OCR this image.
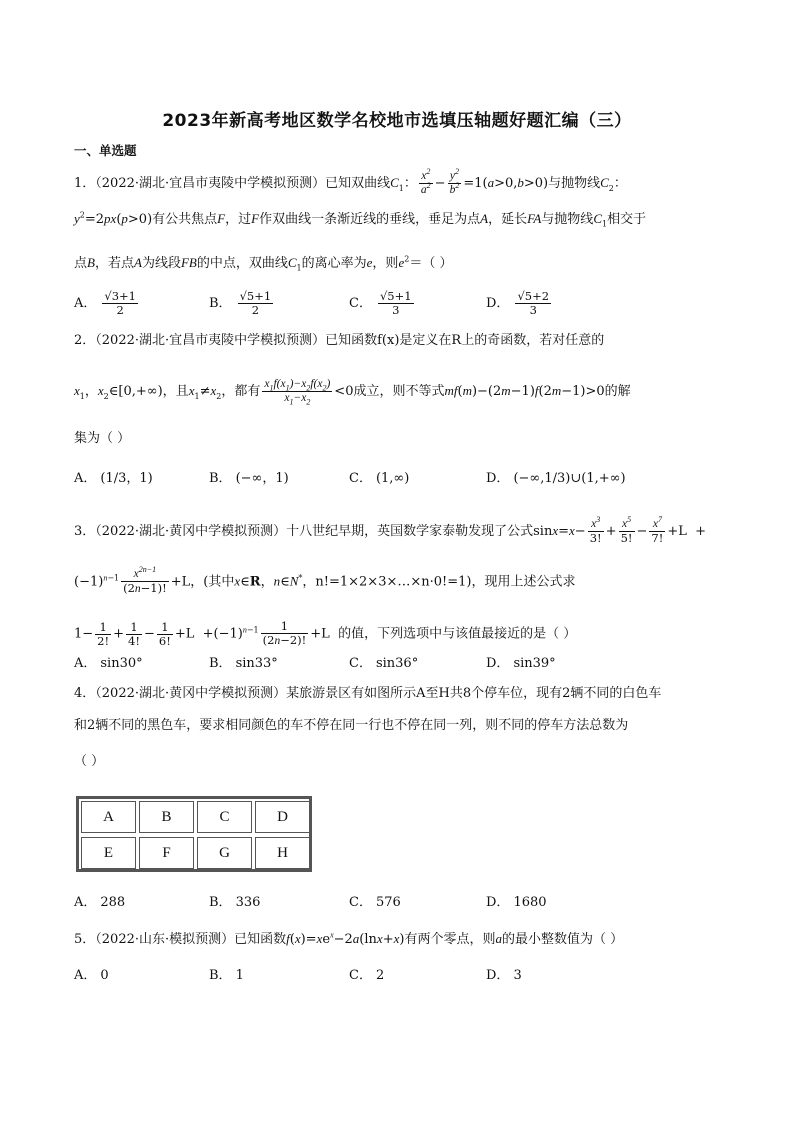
2023年新高考地区数学名校地市选填压轴题好题汇编（三）
一、单选题
1．（2022·湖北·宜昌市夷陵中学模拟预测）已知双曲线$C_1$： $\frac{x^2}{a^2} - \frac{y^2}{b^2} =1(a>0,b>0)$与抛物线$C_2$：
$y^2=2px(p>0)$有公共焦点F，过F作双曲线一条渐近线的垂线，垂足为点A，延长FA与抛物线$C_1$相交于
点B，若点A为线段FB的中点，双曲线$C_1$的离心率为e，则$e^2=$（ ）
A． $\frac{√3+1}{2}$	B． $\frac{√5+1}{2}$	C． $\frac{√5+1}{3}$	D． $\frac{√5+2}{3}$
2．（2022·湖北·宜昌市夷陵中学模拟预测）已知函数f(x)是定义在R上的奇函数，若对任意的
$x_1$，$x_2\in[0,+\infty)$，且$x_1\ne x_2$，都有 $\frac{x_1f(x_1)-x_2f(x_2)}{x_1-x_2} <0$成立，则不等式mf(m)−(2m−1)f(2m−1)>0的解
集为（ ）
A． (1/3，1)	B． (−∞，1)	C． (1,∞)	D． (−∞,1/3)∪(1,+∞)
3．（2022·湖北·黄冈中学模拟预测）十八世纪早期，英国数学家泰勒发现了公式$\sin x=x- \frac{x^3}{3!} + \frac{x^5}{5!} - \frac{x^7}{7!} +L$  +
$(-1)^{n-1} \frac{x^{2n-1}}{(2n-1)!} +L$，(其中x∈R，n∈N*，n!=1×2×3×…×n·0!=1)，现用上述公式求
$1- \frac{1}{2!} + \frac{1}{4!} - \frac{1}{6!} +L +(-1)^{n-1} \frac{1}{(2n-2)!} +L$  的值，下列选项中与该值最接近的是（ ）
A． sin30°	B． sin33°	C． sin36°	D． sin39°
4．（2022·湖北·黄冈中学模拟预测）某旅游景区有如图所示A至H共8个停车位，现有2辆不同的白色车
和2辆不同的黑色车，要求相同颜色的车不停在同一行也不停在同一列，则不同的停车方法总数为
（ ）
A	B	C	D
E	F	G	H
A． 288	B． 336	C． 576	D． 1680
5．（2022·山东·模拟预测）已知函数$f(x)=xe^x-2a(\ln x+x)$有两个零点，则a的最小整数值为（ ）
A． 0	B． 1	C． 2	D． 3
